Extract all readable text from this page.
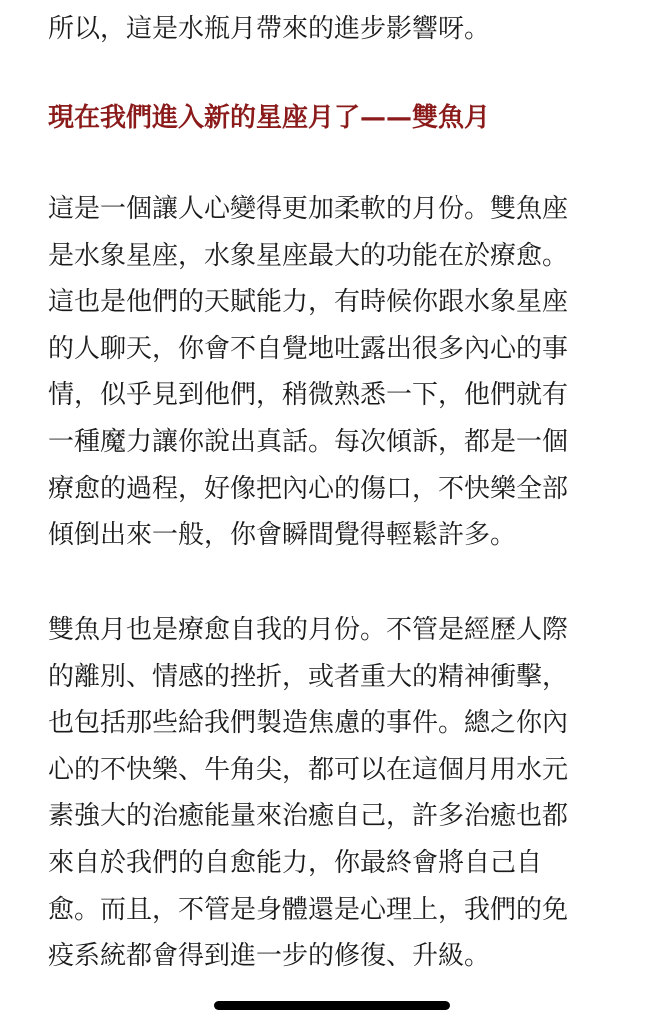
所以，這是水瓶月帶來的進步影響呀。
現在我們進入新的星座月了——雙魚月
這是一個讓人心變得更加柔軟的月份。雙魚座
是水象星座，水象星座最大的功能在於療愈。
這也是他們的天賦能力，有時候你跟水象星座
的人聊天，你會不自覺地吐露出很多內心的事
情，似乎見到他們，稍微熟悉一下，他們就有
一種魔力讓你說出真話。每次傾訴，都是一個
療愈的過程，好像把內心的傷口，不快樂全部
傾倒出來一般，你會瞬間覺得輕鬆許多。
雙魚月也是療愈自我的月份。不管是經歷人際
的離別、情感的挫折，或者重大的精神衝擊，
也包括那些給我們製造焦慮的事件。總之你內
心的不快樂、牛角尖，都可以在這個月用水元
素強大的治癒能量來治癒自己，許多治癒也都
來自於我們的自愈能力，你最終會將自己自
愈。而且，不管是身體還是心理上，我們的免
疫系統都會得到進一步的修復、升級。
